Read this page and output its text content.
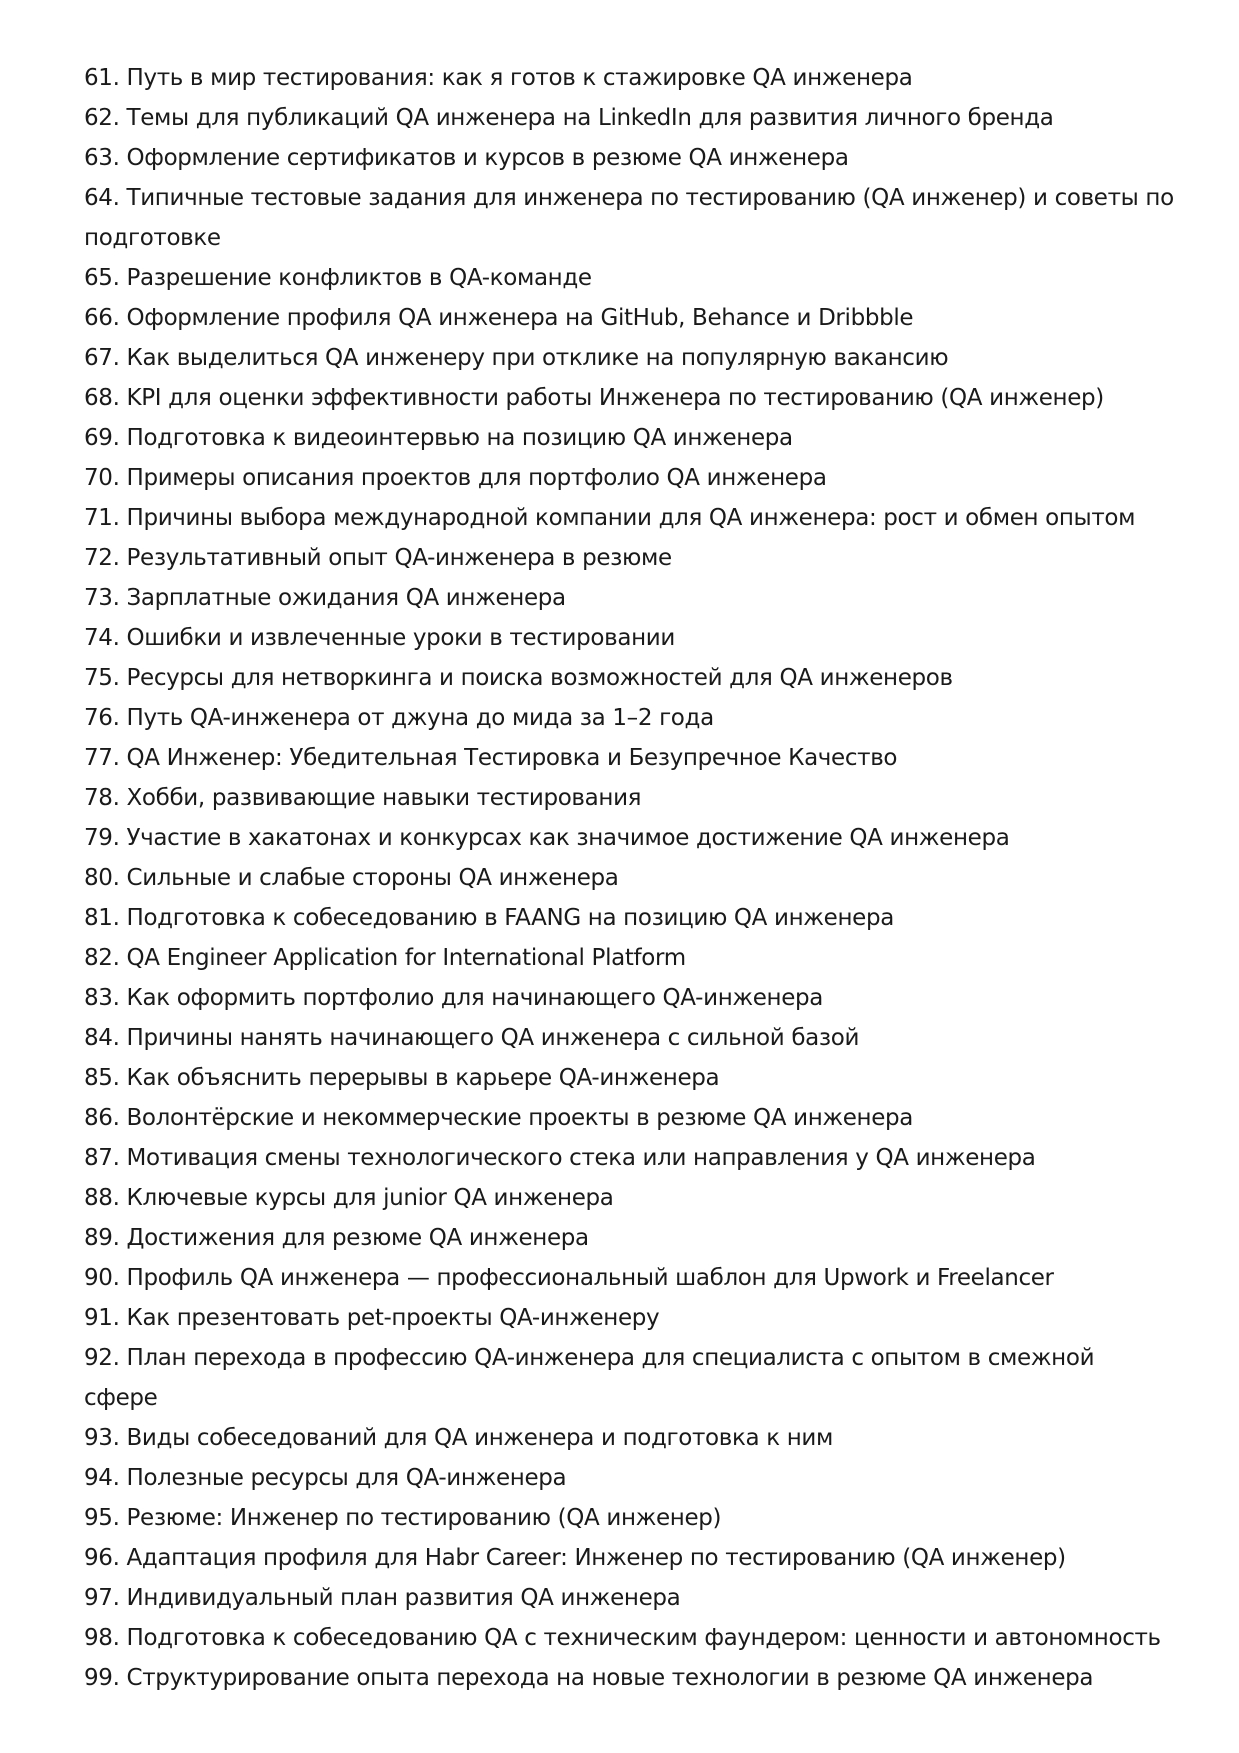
61. Путь в мир тестирования: как я готов к стажировке QA инженера
62. Темы для публикаций QA инженера на LinkedIn для развития личного бренда
63. Оформление сертификатов и курсов в резюме QA инженера
64. Типичные тестовые задания для инженера по тестированию (QA инженер) и советы по подготовке
65. Разрешение конфликтов в QA-команде
66. Оформление профиля QA инженера на GitHub, Behance и Dribbble
67. Как выделиться QA инженеру при отклике на популярную вакансию
68. KPI для оценки эффективности работы Инженера по тестированию (QA инженер)
69. Подготовка к видеоинтервью на позицию QA инженера
70. Примеры описания проектов для портфолио QA инженера
71. Причины выбора международной компании для QA инженера: рост и обмен опытом
72. Результативный опыт QA-инженера в резюме
73. Зарплатные ожидания QA инженера
74. Ошибки и извлеченные уроки в тестировании
75. Ресурсы для нетворкинга и поиска возможностей для QA инженеров
76. Путь QA-инженера от джуна до мида за 1–2 года
77. QA Инженер: Убедительная Тестировка и Безупречное Качество
78. Хобби, развивающие навыки тестирования
79. Участие в хакатонах и конкурсах как значимое достижение QA инженера
80. Сильные и слабые стороны QA инженера
81. Подготовка к собеседованию в FAANG на позицию QA инженера
82. QA Engineer Application for International Platform
83. Как оформить портфолио для начинающего QA-инженера
84. Причины нанять начинающего QA инженера с сильной базой
85. Как объяснить перерывы в карьере QA-инженера
86. Волонтёрские и некоммерческие проекты в резюме QA инженера
87. Мотивация смены технологического стека или направления у QA инженера
88. Ключевые курсы для junior QA инженера
89. Достижения для резюме QA инженера
90. Профиль QA инженера — профессиональный шаблон для Upwork и Freelancer
91. Как презентовать pet-проекты QA-инженеру
92. План перехода в профессию QA-инженера для специалиста с опытом в смежной сфере
93. Виды собеседований для QA инженера и подготовка к ним
94. Полезные ресурсы для QA-инженера
95. Резюме: Инженер по тестированию (QA инженер)
96. Адаптация профиля для Habr Career: Инженер по тестированию (QA инженер)
97. Индивидуальный план развития QA инженера
98. Подготовка к собеседованию QA с техническим фаундером: ценности и автономность
99. Структурирование опыта перехода на новые технологии в резюме QA инженера
